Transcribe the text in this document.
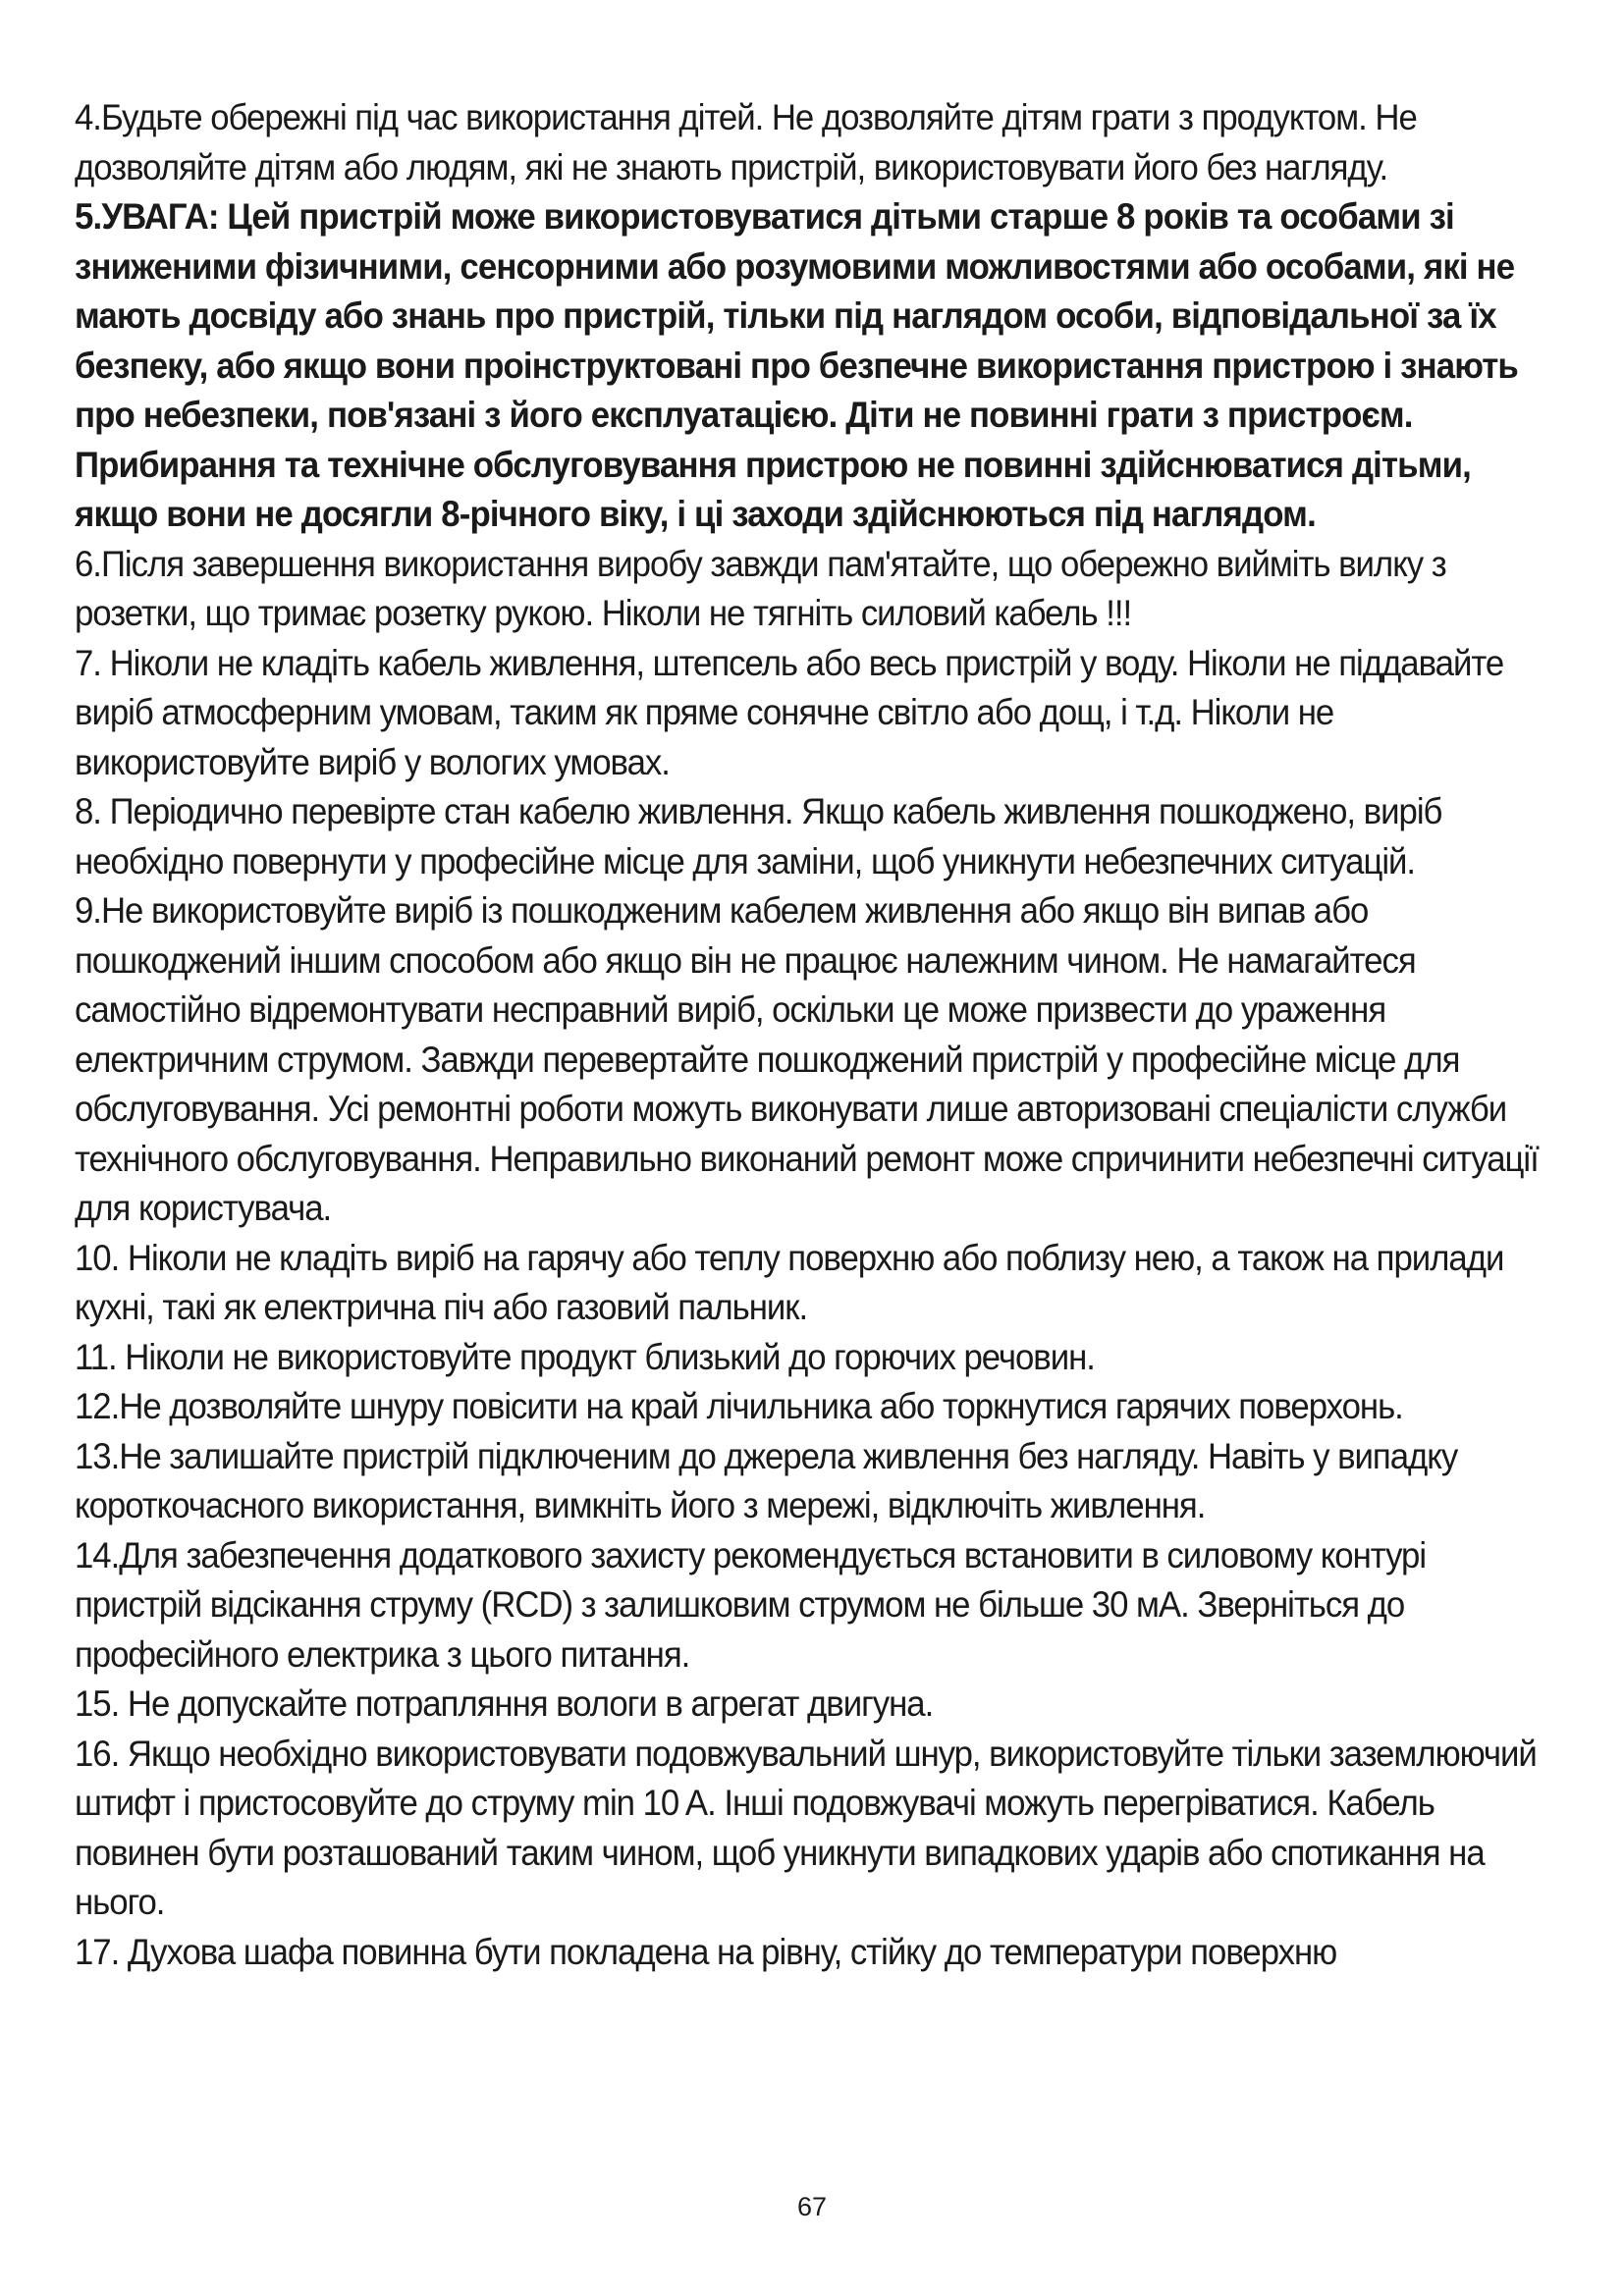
4.Будьте обережні під час використання дітей. Не дозволяйте дітям грати з продуктом. Не дозволяйте дітям або людям, які не знають пристрій, використовувати його без нагляду.

5.УВАГА: Цей пристрій може використовуватися дітьми старше 8 років та особами зі зниженими фізичними, сенсорними або розумовими можливостями або особами, які не мають досвіду або знань про пристрій, тільки під наглядом особи, відповідальної за їх безпеку, або якщо вони проінструктовані про безпечне використання пристрою і знають про небезпеки, пов'язані з його експлуатацією. Діти не повинні грати з пристроєм. Прибирання та технічне обслуговування пристрою не повинні здійснюватися дітьми, якщо вони не досягли 8-річного віку, і ці заходи здійснюються під наглядом.

6.Після завершення використання виробу завжди пам'ятайте, що обережно вийміть вилку з розетки, що тримає розетку рукою. Ніколи не тягніть силовий кабель !!!

7. Ніколи не кладіть кабель живлення, штепсель або весь пристрій у воду. Ніколи не піддавайте виріб атмосферним умовам, таким як пряме сонячне світло або дощ, і т.д. Ніколи не використовуйте виріб у вологих умовах.

8. Періодично перевірте стан кабелю живлення. Якщо кабель живлення пошкоджено, виріб необхідно повернути у професійне місце для заміни, щоб уникнути небезпечних ситуацій.

9.Не використовуйте виріб із пошкодженим кабелем живлення або якщо він випав або пошкоджений іншим способом або якщо він не працює належним чином. Не намагайтеся самостійно відремонтувати несправний виріб, оскільки це може призвести до ураження електричним струмом. Завжди перевертайте пошкоджений пристрій у професійне місце для обслуговування. Усі ремонтні роботи можуть виконувати лише авторизовані спеціалісти служби технічного обслуговування. Неправильно виконаний ремонт може спричинити небезпечні ситуації для користувача.

10. Ніколи не кладіть виріб на гарячу або теплу поверхню або поблизу нею, а також на прилади кухні, такі як електрична піч або газовий пальник.

11. Ніколи не використовуйте продукт близький до горючих речовин.

12.Не дозволяйте шнуру повісити на край лічильника або торкнутися гарячих поверхонь.

13.Не залишайте пристрій підключеним до джерела живлення без нагляду. Навіть у випадку короткочасного використання, вимкніть його з мережі, відключіть живлення.

14.Для забезпечення додаткового захисту рекомендується встановити в силовому контурі пристрій відсікання струму (RCD) з залишковим струмом не більше 30 мА. Зверніться до професійного електрика з цього питання.

15. Не допускайте потрапляння вологи в агрегат двигуна.

16. Якщо необхідно використовувати подовжувальний шнур, використовуйте тільки заземлюючий штифт і пристосовуйте до струму min 10 A. Інші подовжувачі можуть перегріватися. Кабель повинен бути розташований таким чином, щоб уникнути випадкових ударів або спотикання на нього.

17. Духова шафа повинна бути покладена на рівну, стійку до температури поверхню

67
